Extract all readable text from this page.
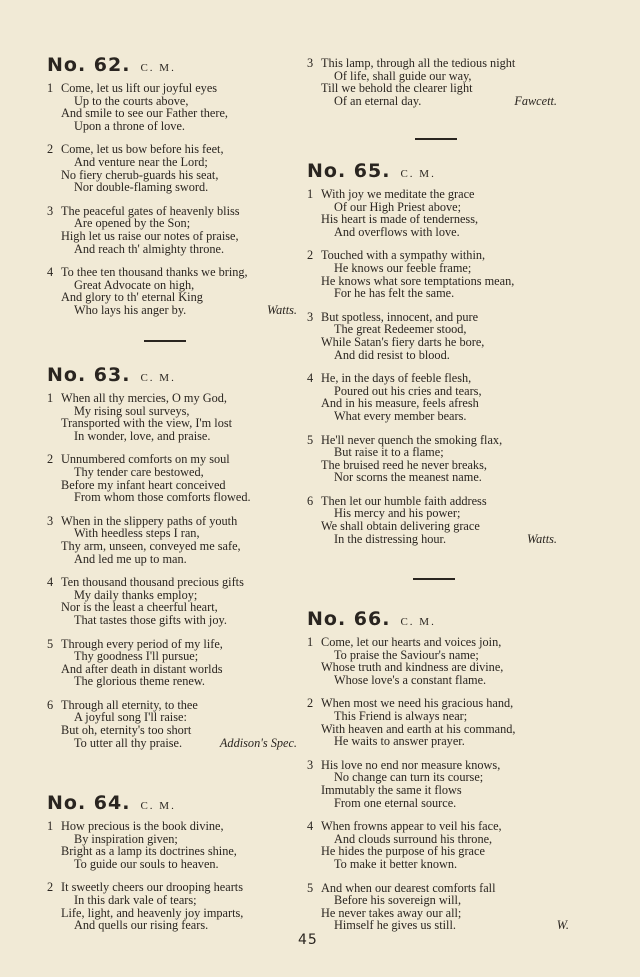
No. 62. C. M.
1 Come, let us lift our joyful eyes
Up to the courts above,
And smile to see our Father there,
Upon a throne of love.
2 Come, let us bow before his feet,
And venture near the Lord;
No fiery cherub-guards his seat,
Nor double-flaming sword.
3 The peaceful gates of heavenly bliss
Are opened by the Son;
High let us raise our notes of praise,
And reach th' almighty throne.
4 To thee ten thousand thanks we bring,
Great Advocate on high,
And glory to th' eternal King
Who lays his anger by.	Watts.
No. 63. C. M.
1 When all thy mercies, O my God,
My rising soul surveys,
Transported with the view, I'm lost
In wonder, love, and praise.
2 Unnumbered comforts on my soul
Thy tender care bestowed,
Before my infant heart conceived
From whom those comforts flowed.
3 When in the slippery paths of youth
With heedless steps I ran,
Thy arm, unseen, conveyed me safe,
And led me up to man.
4 Ten thousand thousand precious gifts
My daily thanks employ;
Nor is the least a cheerful heart,
That tastes those gifts with joy.
5 Through every period of my life,
Thy goodness I'll pursue;
And after death in distant worlds
The glorious theme renew.
6 Through all eternity, to thee
A joyful song I'll raise:
But oh, eternity's too short
To utter all thy praise.	Addison's Spec.
No. 64. C. M.
1 How precious is the book divine,
By inspiration given;
Bright as a lamp its doctrines shine,
To guide our souls to heaven.
2 It sweetly cheers our drooping hearts
In this dark vale of tears;
Life, light, and heavenly joy imparts,
And quells our rising fears.
3 This lamp, through all the tedious night
Of life, shall guide our way,
Till we behold the clearer light
Of an eternal day.	Fawcett.
No. 65. C. M.
1 With joy we meditate the grace
Of our High Priest above;
His heart is made of tenderness,
And overflows with love.
2 Touched with a sympathy within,
He knows our feeble frame;
He knows what sore temptations mean,
For he has felt the same.
3 But spotless, innocent, and pure
The great Redeemer stood,
While Satan's fiery darts he bore,
And did resist to blood.
4 He, in the days of feeble flesh,
Poured out his cries and tears,
And in his measure, feels afresh
What every member bears.
5 He'll never quench the smoking flax,
But raise it to a flame;
The bruised reed he never breaks,
Nor scorns the meanest name.
6 Then let our humble faith address
His mercy and his power;
We shall obtain delivering grace
In the distressing hour.	Watts.
No. 66. C. M.
1 Come, let our hearts and voices join,
To praise the Saviour's name;
Whose truth and kindness are divine,
Whose love's a constant flame.
2 When most we need his gracious hand,
This Friend is always near;
With heaven and earth at his command,
He waits to answer prayer.
3 His love no end nor measure knows,
No change can turn its course;
Immutably the same it flows
From one eternal source.
4 When frowns appear to veil his face,
And clouds surround his throne,
He hides the purpose of his grace
To make it better known.
5 And when our dearest comforts fall
Before his sovereign will,
He never takes away our all;
Himself he gives us still.	W.
45
